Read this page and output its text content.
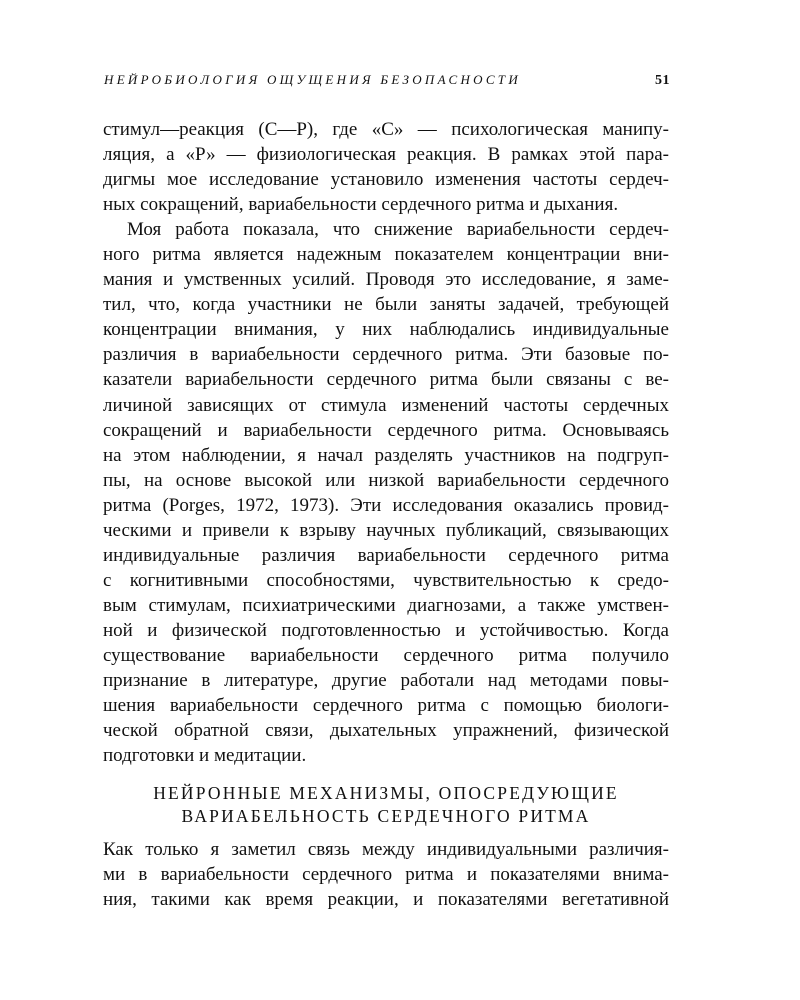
НЕЙРОБИОЛОГИЯ ОЩУЩЕНИЯ БЕЗОПАСНОСТИ	51
стимул—реакция (С—Р), где «С» — психологическая манипу-
ляция, а «Р» — физиологическая реакция. В рамках этой пара-
дигмы мое исследование установило изменения частоты сердеч-
ных сокращений, вариабельности сердечного ритма и дыхания.
Моя работа показала, что снижение вариабельности сердеч-
ного ритма является надежным показателем концентрации вни-
мания и умственных усилий. Проводя это исследование, я заме-
тил, что, когда участники не были заняты задачей, требующей
концентрации внимания, у них наблюдались индивидуальные
различия в вариабельности сердечного ритма. Эти базовые по-
казатели вариабельности сердечного ритма были связаны с ве-
личиной зависящих от стимула изменений частоты сердечных
сокращений и вариабельности сердечного ритма. Основываясь
на этом наблюдении, я начал разделять участников на подгруп-
пы, на основе высокой или низкой вариабельности сердечного
ритма (Porges, 1972, 1973). Эти исследования оказались провид-
ческими и привели к взрыву научных публикаций, связывающих
индивидуальные различия вариабельности сердечного ритма
с когнитивными способностями, чувствительностью к средо-
вым стимулам, психиатрическими диагнозами, а также умствен-
ной и физической подготовленностью и устойчивостью. Когда
существование вариабельности сердечного ритма получило
признание в литературе, другие работали над методами повы-
шения вариабельности сердечного ритма с помощью биологи-
ческой обратной связи, дыхательных упражнений, физической
подготовки и медитации.
НЕЙРОННЫЕ МЕХАНИЗМЫ, ОПОСРЕДУЮЩИЕ
ВАРИАБЕЛЬНОСТЬ СЕРДЕЧНОГО РИТМА
Как только я заметил связь между индивидуальными различия-
ми в вариабельности сердечного ритма и показателями внима-
ния, такими как время реакции, и показателями вегетативной
